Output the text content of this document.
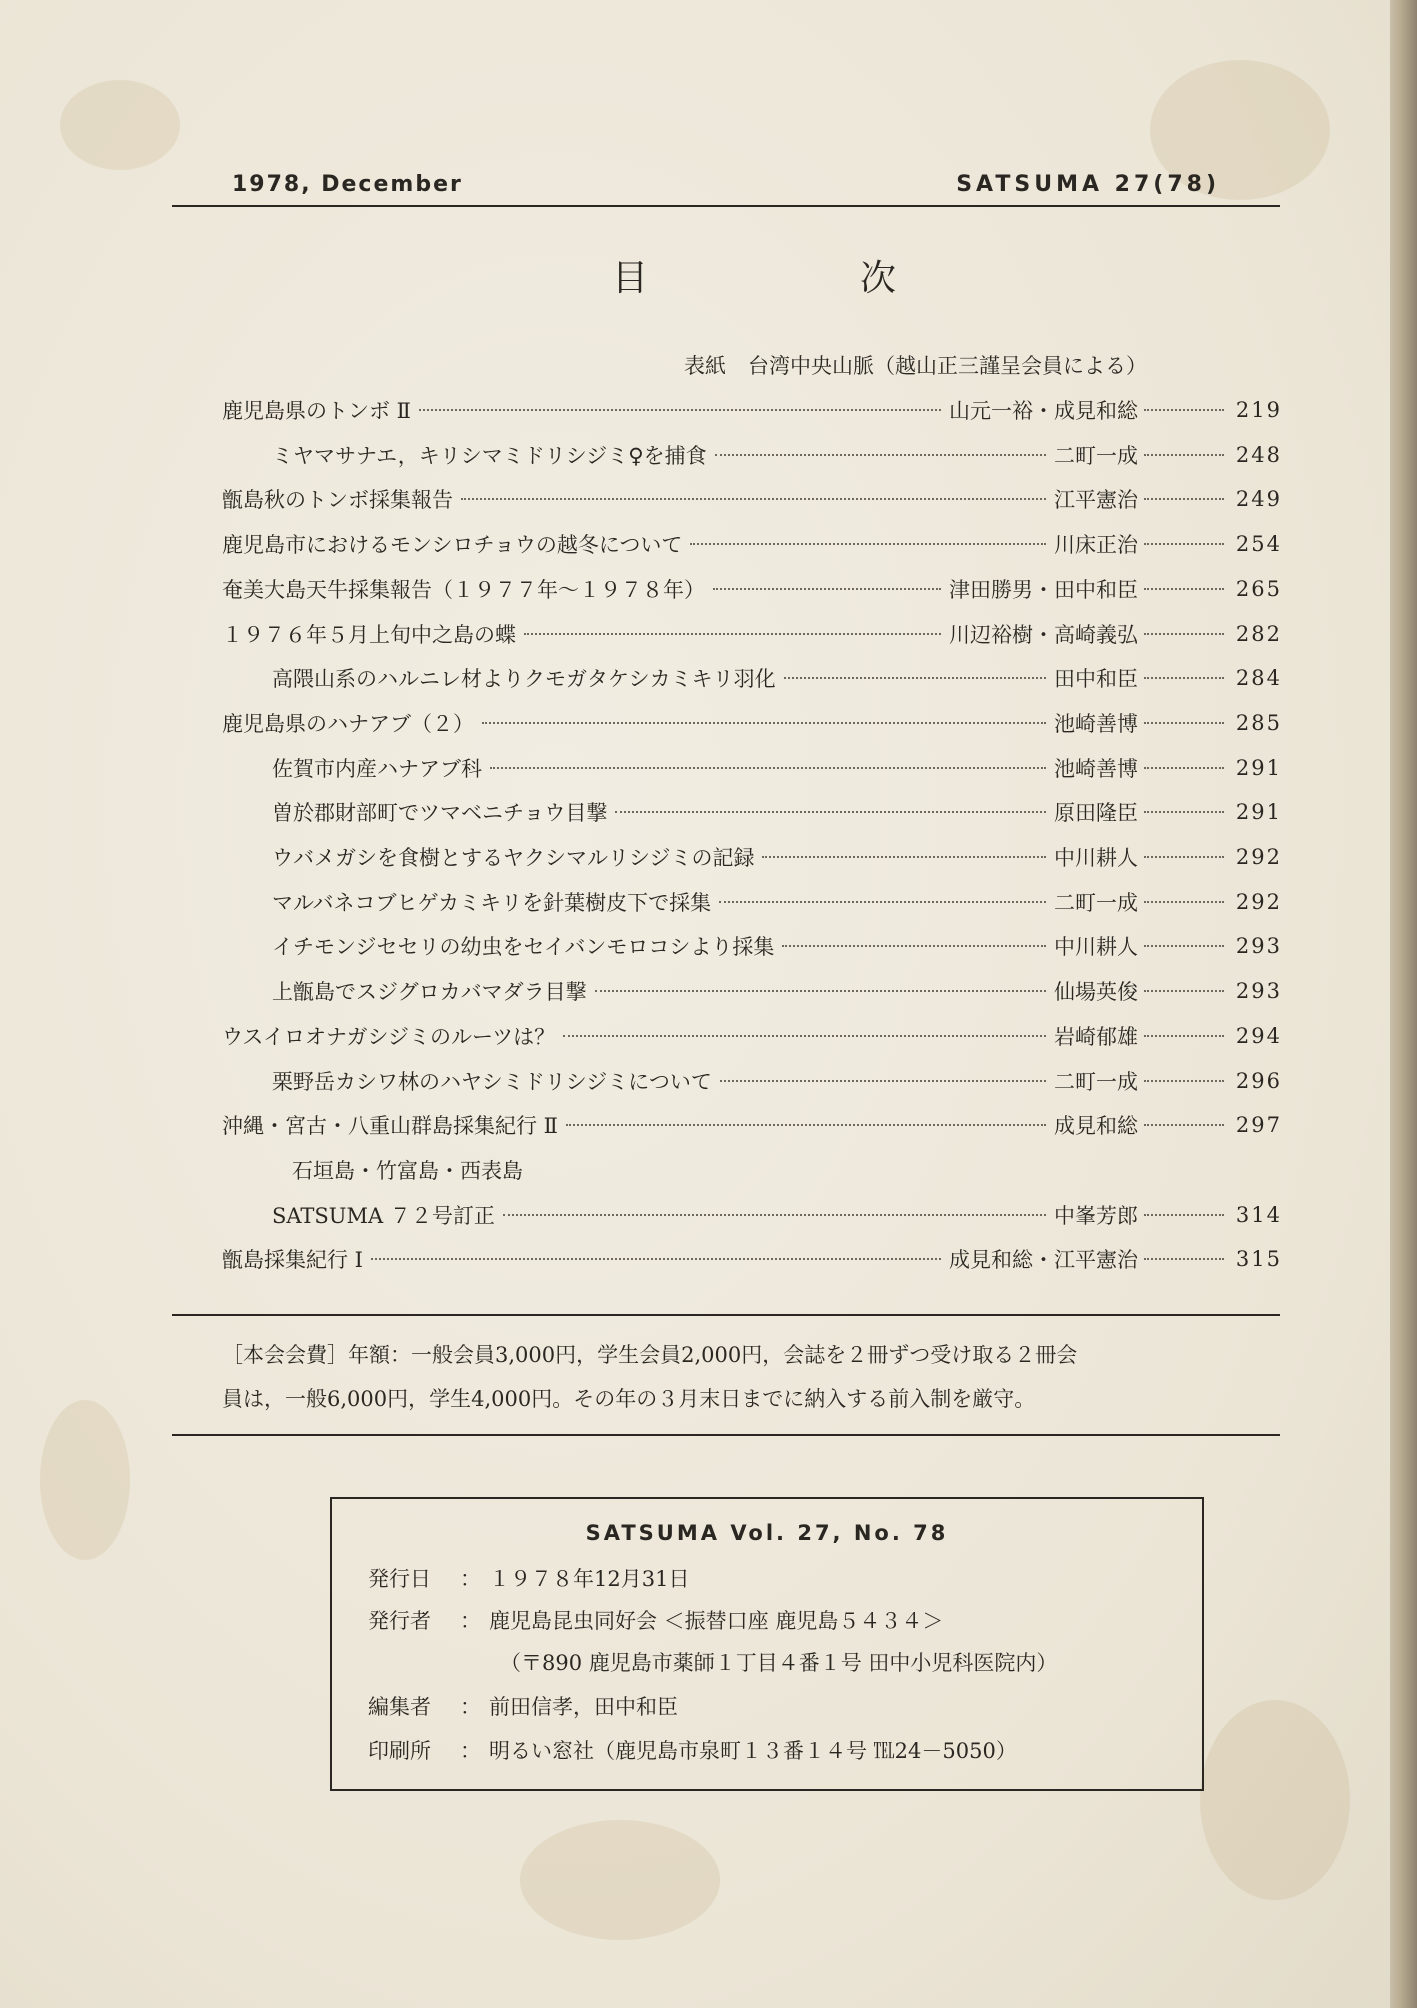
1978, December	SATSUMA 27(78)
目	次
表紙 台湾中央山脈（越山正三謹呈会員による）
鹿児島県のトンボ Ⅱ	山元一裕・成見和総	219
ミヤマサナエ，キリシマミドリシジミ♀を捕食	二町一成	248
甑島秋のトンボ採集報告	江平憲治	249
鹿児島市におけるモンシロチョウの越冬について	川床正治	254
奄美大島天牛採集報告（１９７７年～１９７８年）	津田勝男・田中和臣	265
１９７６年５月上旬中之島の蝶	川辺裕樹・高崎義弘	282
高隈山系のハルニレ材よりクモガタケシカミキリ羽化	田中和臣	284
鹿児島県のハナアブ（２）	池崎善博	285
佐賀市内産ハナアブ科	池崎善博	291
曽於郡財部町でツマベニチョウ目撃	原田隆臣	291
ウバメガシを食樹とするヤクシマルリシジミの記録	中川耕人	292
マルバネコブヒゲカミキリを針葉樹皮下で採集	二町一成	292
イチモンジセセリの幼虫をセイバンモロコシより採集	中川耕人	293
上甑島でスジグロカバマダラ目撃	仙場英俊	293
ウスイロオナガシジミのルーツは？	岩崎郁雄	294
栗野岳カシワ林のハヤシミドリシジミについて	二町一成	296
沖縄・宮古・八重山群島採集紀行 Ⅱ	成見和総	297
石垣島・竹富島・西表島
SATSUMA ７２号訂正	中峯芳郎	314
甑島採集紀行 Ⅰ	成見和総・江平憲治	315
［本会会費］年額：一般会員3,000円，学生会員2,000円，会誌を２冊ずつ受け取る２冊会
員は，一般6,000円，学生4,000円。その年の３月末日までに納入する前入制を厳守。
SATSUMA Vol. 27, No. 78
発行日 ： １９７８年12月31日
発行者 ： 鹿児島昆虫同好会 ＜振替口座 鹿児島５４３４＞
（〒890 鹿児島市薬師１丁目４番１号 田中小児科医院内）
編集者 ： 前田信孝，田中和臣
印刷所 ： 明るい窓社（鹿児島市泉町１３番１４号 ℡24－5050）
